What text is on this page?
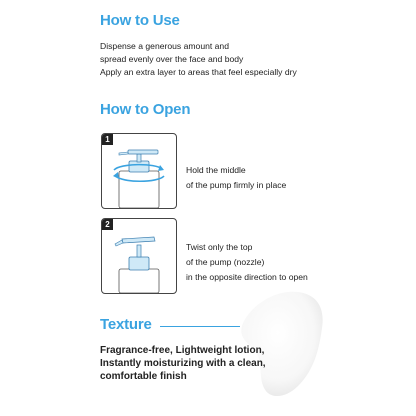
How to Use
Dispense a generous amount and
spread evenly over the face and body
Apply an extra layer to areas that feel especially dry
How to Open
1
Hold the middle
of the pump firmly in place
2
Twist only the top
of the pump (nozzle)
in the opposite direction to open
Texture
Fragrance-free, Lightweight lotion,
Instantly moisturizing with a clean,
comfortable finish
